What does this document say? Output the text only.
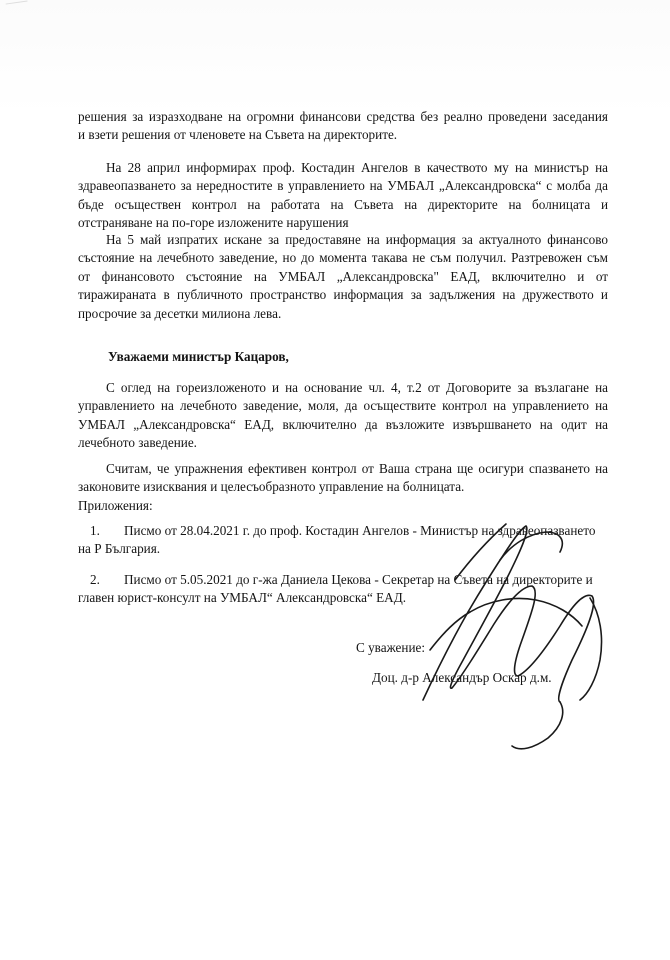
решения за изразходване на огромни финансови средства без реално проведени заседания
и взети решения от членовете на Съвета на директорите.
На 28 април информирах проф. Костадин Ангелов в качеството му на министър на
здравеопазването за нередностите в управлението на УМБАЛ „Александровска“ с молба да
бъде осъществен контрол на работата на Съвета на директорите на болницата и
отстраняване на по-горе изложените нарушения
На 5 май изпратих искане за предоставяне на информация за актуалното финансово
състояние на лечебното заведение, но до момента такава не съм получил. Разтревожен съм
от финансовото състояние на УМБАЛ „Александровска" ЕАД, включително и от
тиражираната в публичното пространство информация за задължения на дружеството и
просрочие за десетки милиона лева.
Уважаеми министър Кацаров,
С оглед на гореизложеното и на основание чл. 4, т.2 от Договорите за възлагане на
управлението на лечебното заведение, моля, да осъществите контрол на управлението на
УМБАЛ „Александровска“ ЕАД, включително да възложите извършването на одит на
лечебното заведение.
Считам, че упражнения ефективен контрол от Ваша страна ще осигури спазването на
законовите изисквания и целесъобразното управление на болницата.
Приложения:
1. Писмо от 28.04.2021 г. до проф. Костадин Ангелов - Министър на здравеопазването
на Р България.
2. Писмо от 5.05.2021 до г-жа Даниела Цекова - Секретар на Съвета на директорите и
главен юрист-консулт на УМБАЛ“ Александровска“ ЕАД.
С уважение:
Доц. д-р Александър Оскар д.м.
